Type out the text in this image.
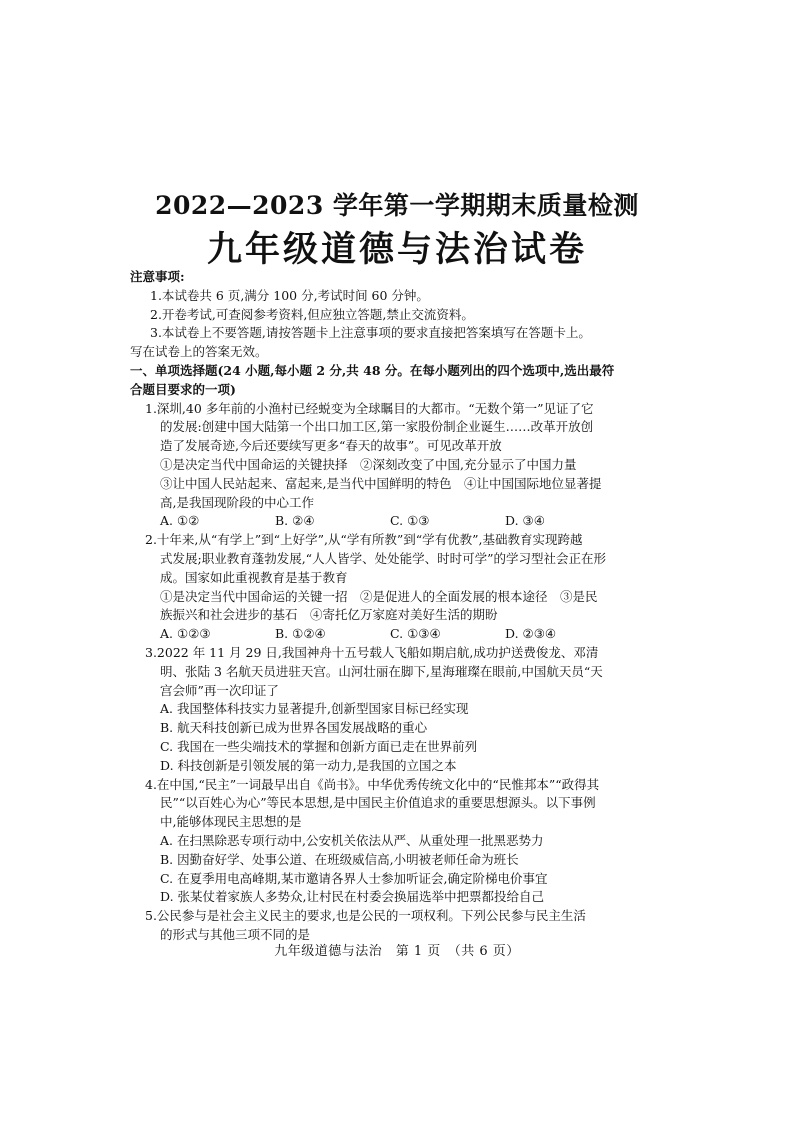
2022—2023 学年第一学期期末质量检测
九年级道德与法治试卷
注意事项:
1.本试卷共 6 页,满分 100 分,考试时间 60 分钟。
2.开卷考试,可查阅参考资料,但应独立答题,禁止交流资料。
3.本试卷上不要答题,请按答题卡上注意事项的要求直接把答案填写在答题卡上。
写在试卷上的答案无效。
一、单项选择题(24 小题,每小题 2 分,共 48 分。在每小题列出的四个选项中,选出最符
合题目要求的一项)
1.深圳,40 多年前的小渔村已经蜕变为全球瞩目的大都市。“无数个第一”见证了它
的发展:创建中国大陆第一个出口加工区,第一家股份制企业诞生……改革开放创
造了发展奇迹,今后还要续写更多“春天的故事”。可见改革开放
①是决定当代中国命运的关键抉择　②深刻改变了中国,充分显示了中国力量
③让中国人民站起来、富起来,是当代中国鲜明的特色　④让中国国际地位显著提
高,是我国现阶段的中心工作
A. ①②	B. ②④	C. ①③	D. ③④
2.十年来,从“有学上”到“上好学”,从“学有所教”到“学有优教”,基础教育实现跨越
式发展;职业教育蓬勃发展,“人人皆学、处处能学、时时可学”的学习型社会正在形
成。国家如此重视教育是基于教育
①是决定当代中国命运的关键一招　②是促进人的全面发展的根本途径　③是民
族振兴和社会进步的基石　④寄托亿万家庭对美好生活的期盼
A. ①②③	B. ①②④	C. ①③④	D. ②③④
3.2022 年 11 月 29 日,我国神舟十五号载人飞船如期启航,成功护送费俊龙、邓清
明、张陆 3 名航天员进驻天宫。山河壮丽在脚下,星海璀璨在眼前,中国航天员“天
宫会师”再一次印证了
A. 我国整体科技实力显著提升,创新型国家目标已经实现
B. 航天科技创新已成为世界各国发展战略的重心
C. 我国在一些尖端技术的掌握和创新方面已走在世界前列
D. 科技创新是引领发展的第一动力,是我国的立国之本
4.在中国,“民主”一词最早出自《尚书》。中华优秀传统文化中的“民惟邦本”“政得其
民”“以百姓心为心”等民本思想,是中国民主价值追求的重要思想源头。以下事例
中,能够体现民主思想的是
A. 在扫黑除恶专项行动中,公安机关依法从严、从重处理一批黑恶势力
B. 因勤奋好学、处事公道、在班级威信高,小明被老师任命为班长
C. 在夏季用电高峰期,某市邀请各界人士参加听证会,确定阶梯电价事宜
D. 张某仗着家族人多势众,让村民在村委会换届选举中把票都投给自己
5.公民参与是社会主义民主的要求,也是公民的一项权利。下列公民参与民主生活
的形式与其他三项不同的是
九年级道德与法治　第 1 页　（共 6 页）
